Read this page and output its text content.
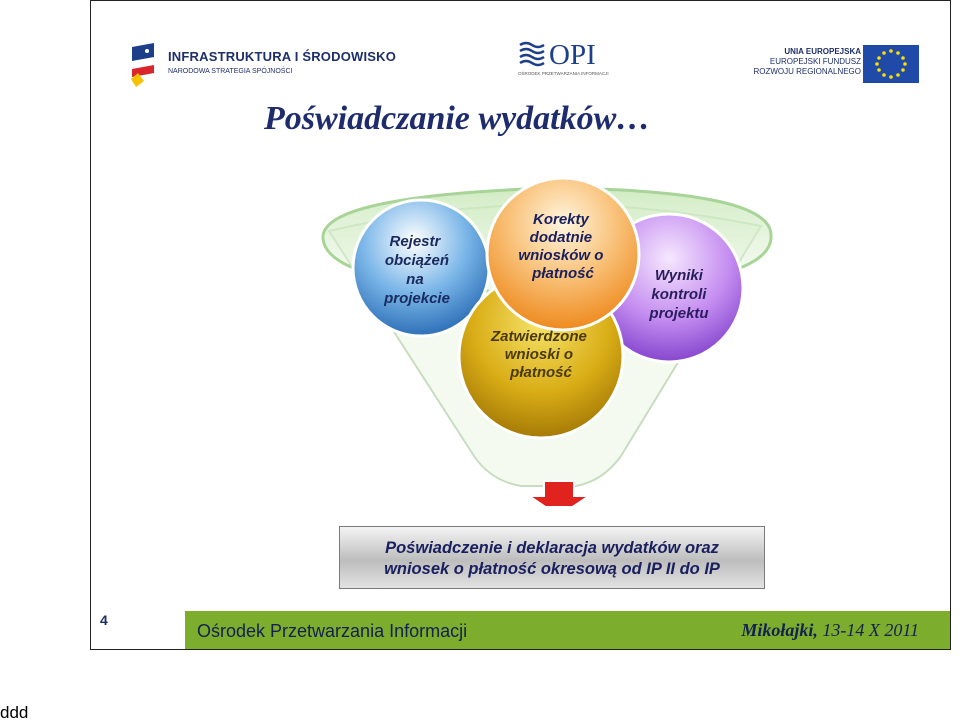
INFRASTRUKTURA I ŚRODOWISKO
NARODOWA STRATEGIA SPÓJNOŚCI
OPI
OŚRODEK PRZETWARZANIA INFORMACJI
UNIA EUROPEJSKA
EUROPEJSKI FUNDUSZ
ROZWOJU REGIONALNEGO
Poświadczanie wydatków…
Wyniki kontroli projektu
Rejestr obciążeń na projekcie
Zatwierdzone wnioski o płatność
Korekty dodatnie wniosków o płatność
Poświadczenie i deklaracja wydatków oraz
wniosek o płatność okresową od IP II do IP
4
Ośrodek Przetwarzania Informacji	Mikołajki, 13-14 X 2011
ddd
